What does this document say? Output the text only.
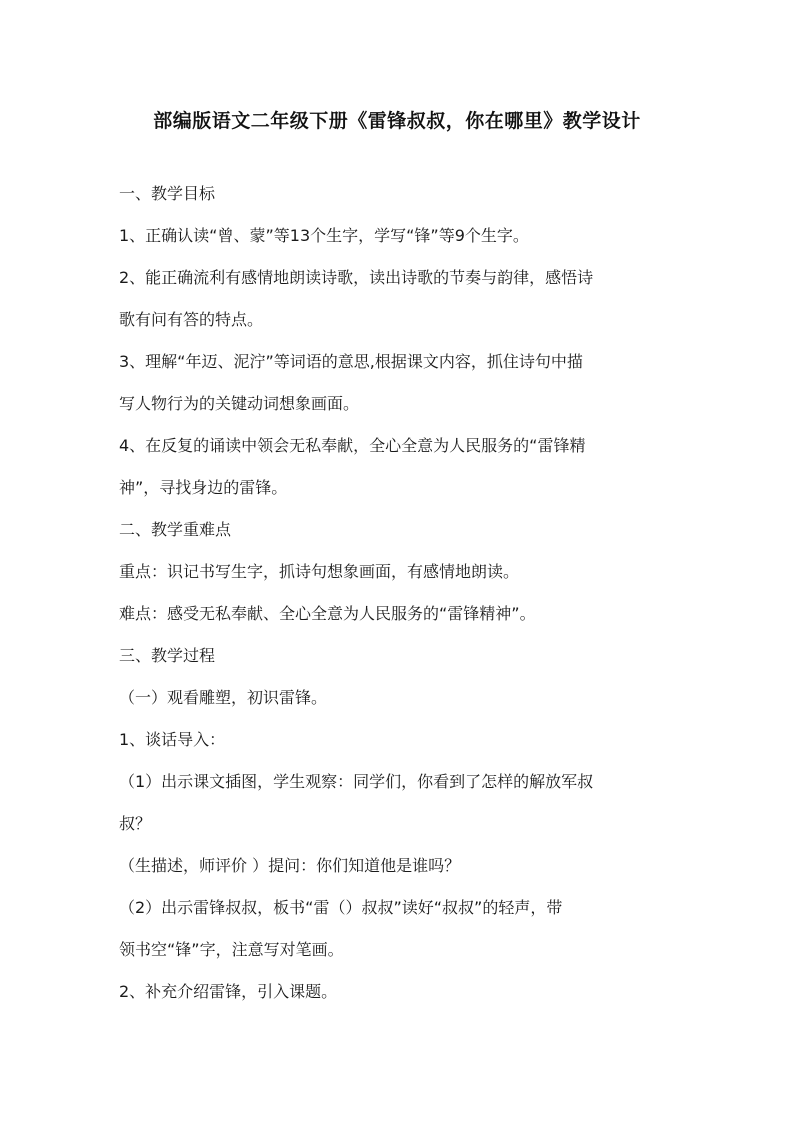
部编版语文二年级下册《雷锋叔叔，你在哪里》教学设计
一、教学目标
1、正确认读“曾、蒙”等13个生字，学写“锋”等9个生字。
2、能正确流利有感情地朗读诗歌，读出诗歌的节奏与韵律，感悟诗
歌有问有答的特点。
3、理解“年迈、泥泞”等词语的意思,根据课文内容，抓住诗句中描
写人物行为的关键动词想象画面。
4、在反复的诵读中领会无私奉献，全心全意为人民服务的“雷锋精
神”，寻找身边的雷锋。
二、教学重难点
重点：识记书写生字，抓诗句想象画面，有感情地朗读。
难点：感受无私奉献、全心全意为人民服务的“雷锋精神”。
三、教学过程
（一）观看雕塑，初识雷锋。
1、谈话导入：
（1）出示课文插图，学生观察：同学们，你看到了怎样的解放军叔
叔？
（生描述，师评价 ）提问：你们知道他是谁吗？
（2）出示雷锋叔叔，板书“雷（）叔叔”读好“叔叔”的轻声，带
领书空“锋”字，注意写对笔画。
2、补充介绍雷锋，引入课题。
